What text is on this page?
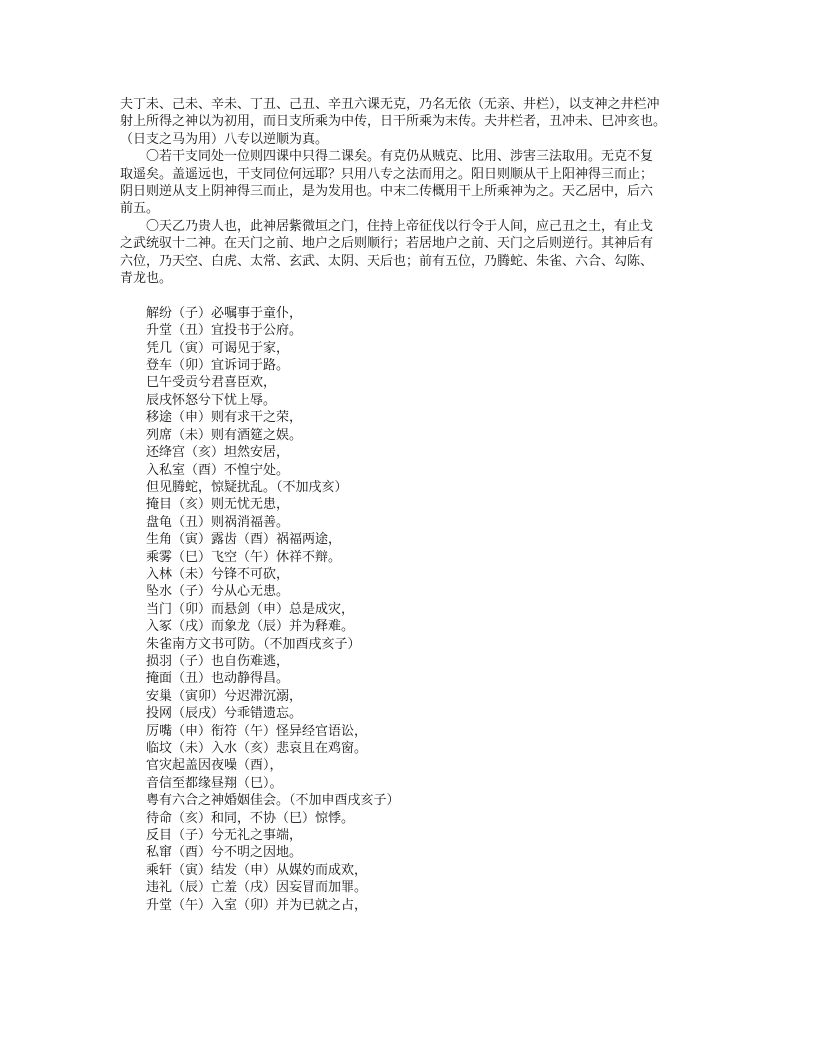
夫丁未、己未、辛未、丁丑、己丑、辛丑六课无克，乃名无依（无亲、井栏），以支神之井栏冲
射上所得之神以为初用，而日支所乘为中传，日干所乘为末传。夫井栏者，丑冲未、巳冲亥也。
（日支之马为用）八专以逆顺为真。

　　〇若干支同处一位则四课中只得二课矣。有克仍从贼克、比用、涉害三法取用。无克不复
取遥矣。盖遥远也，干支同位何远耶？只用八专之法而用之。阳日则顺从干上阳神得三而止；
阴日则逆从支上阴神得三而止，是为发用也。中末二传概用干上所乘神为之。天乙居中，后六
前五。

　　〇天乙乃贵人也，此神居紫微垣之门，住持上帝征伐以行令于人间，应己丑之土，有止戈
之武统驭十二神。在天门之前、地户之后则顺行；若居地户之前、天门之后则逆行。其神后有
六位，乃天空、白虎、太常、玄武、太阴、天后也；前有五位，乃腾蛇、朱雀、六合、勾陈、
青龙也。

解纷（子）必嘱事于童仆，
升堂（丑）宜投书于公府。
凭几（寅）可谒见于家，
登车（卯）宜诉词于路。
巳午受贡兮君喜臣欢，
辰戌怀怒兮下忧上辱。
移途（申）则有求干之荣，
列席（未）则有酒筵之娱。
还绛宫（亥）坦然安居，
入私室（酉）不惶宁处。
但见腾蛇，惊疑扰乱。（不加戌亥）
掩目（亥）则无忧无患，
盘龟（丑）则祸消福善。
生角（寅）露齿（酉）祸福两途，
乘雾（巳）飞空（午）休祥不辩。
入林（未）兮锋不可砍，
坠水（子）兮从心无患。
当门（卯）而悬剑（申）总是成灾，
入冢（戌）而象龙（辰）并为释难。
朱雀南方文书可防。（不加酉戌亥子）
损羽（子）也自伤难逃，
掩面（丑）也动静得昌。
安巢（寅卯）兮迟滞沉溺，
投网（辰戌）兮乖错遗忘。
厉嘴（申）衔符（午）怪异经官语讼，
临坟（未）入水（亥）悲哀且在鸡窗。
官灾起盖因夜噪（酉），
音信至都缘昼翔（巳）。
粤有六合之神婚姻佳会。（不加申酉戌亥子）
待命（亥）和同，不协（巳）惊悸。
反目（子）兮无礼之事端，
私窜（酉）兮不明之因地。
乘轩（寅）结发（申）从媒妁而成欢，
违礼（辰）亡羞（戌）因妄冒而加罪。
升堂（午）入室（卯）并为已就之占，
